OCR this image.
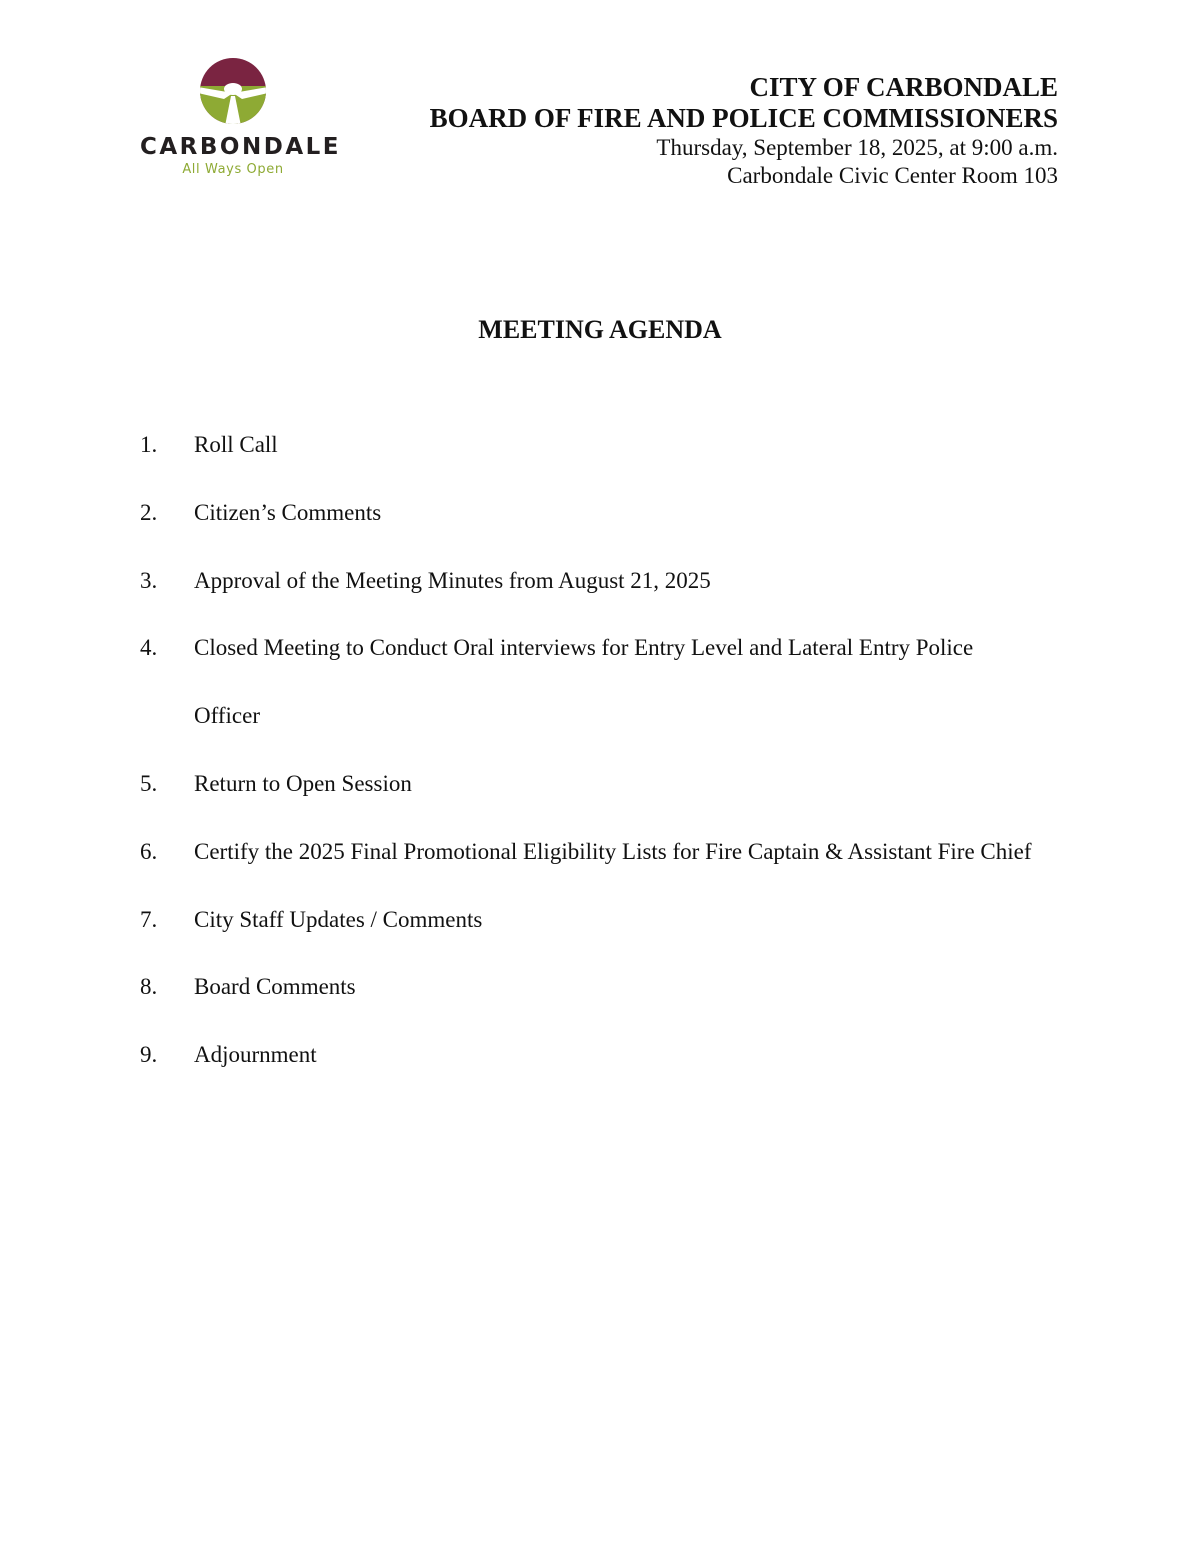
CARBONDALE
All Ways Open
CITY OF CARBONDALE
BOARD OF FIRE AND POLICE COMMISSIONERS
Thursday, September 18, 2025, at 9:00 a.m.
Carbondale Civic Center Room 103
MEETING AGENDA
1. Roll Call
2. Citizen’s Comments
3. Approval of the Meeting Minutes from August 21, 2025
4. Closed Meeting to Conduct Oral interviews for Entry Level and Lateral Entry Police
Officer
5. Return to Open Session
6. Certify the 2025 Final Promotional Eligibility Lists for Fire Captain & Assistant Fire Chief
7. City Staff Updates / Comments
8. Board Comments
9. Adjournment
